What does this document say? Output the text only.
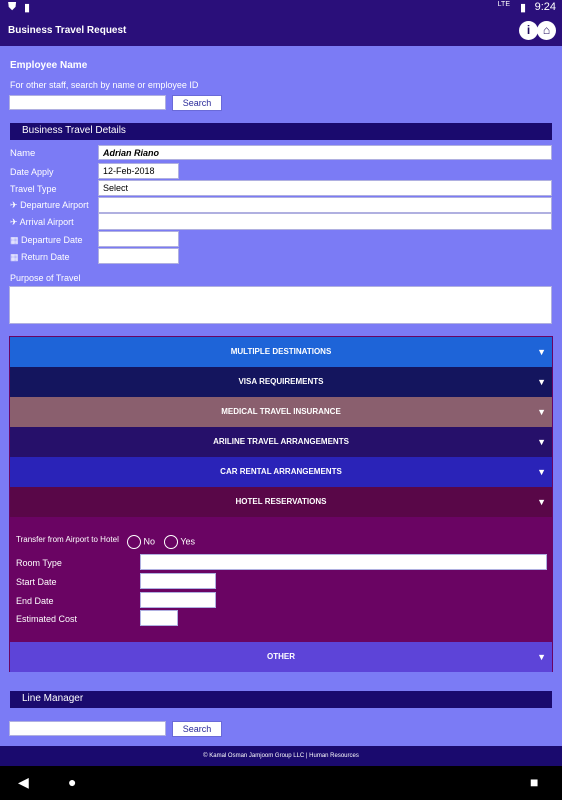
⛊ ▮	LTE ▮ 9:24
Business Travel Request	i	⌂
Employee Name
For other staff, search by name or employee ID
Search
Business Travel Details
Name	Adrian Riano
Date Apply	12-Feb-2018
Travel Type	Select
✈ Departure Airport
✈ Arrival Airport
▦ Departure Date
▦ Return Date
Purpose of Travel
MULTIPLE DESTINATIONS	▼
VISA REQUIREMENTS	▼
MEDICAL TRAVEL INSURANCE	▼
ARILINE TRAVEL ARRANGEMENTS	▼
CAR RENTAL ARRANGEMENTS	▼
HOTEL RESERVATIONS	▼
Transfer from Airport to Hotel	No	Yes
Room Type
Start Date
End Date
Estimated Cost
OTHER	▼
Line Manager
Search
© Kamal Osman Jamjoom Group LLC | Human Resources
◀	●	■
